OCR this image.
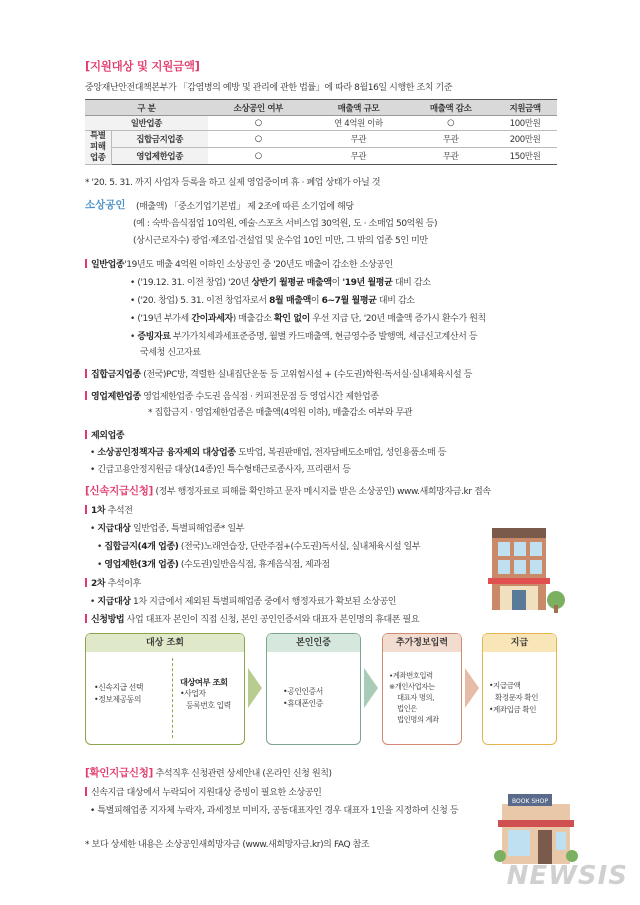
[지원대상 및 지원금액]
중앙재난안전대책본부가 「감염병의 예방 및 관리에 관한 법률」에 따라 8월16일 시행한 조치 기준
구 분		소상공인 여부	매출액 규모	매출액 감소	지원금액
일반업종		○	연 4억원 이하	○	100만원
특별
피해
업종	집합금지업종	○	무관	무관	200만원
	영업제한업종	○	무관	무관	150만원
* '20. 5. 31. 까지 사업자 등록을 하고 실제 영업중이며 휴 · 폐업 상태가 아닐 것
소상공인 (매출액) 「중소기업기본법」 제 2조에 따른 소기업에 해당
(예 : 숙박·음식점업 10억원, 예술·스포츠 서비스업 30억원, 도 · 소매업 50억원 등)
(상시근로자수) 광업·제조업·건설업 및 운수업 10인 미만, 그 밖의 업종 5인 미만
일반업종'19년도 매출 4억원 이하인 소상공인 중 '20년도 매출이 감소한 소상공인
• ('19.12. 31. 이전 창업) '20년 상반기 월평균 매출액이 '19년 월평균 대비 감소
• ('20. 창업) 5. 31. 이전 창업자로서 8월 매출액이 6~7월 월평균 대비 감소
• ('19년 부가세 간이과세자) 매출감소 확인 없이 우선 지급 단, '20년 매출액 증가시 환수가 원칙
• 증빙자료 부가가치세과세표준증명, 월별 카드매출액, 현금영수증 발행액, 세금신고계산서 등
국세청 신고자료
집합금지업종 (전국)PC방, 격렬한 실내집단운동 등 고위험시설 + (수도권)학원·독서실·실내체육시설 등
영업제한업종 영업제한업종 수도권 음식점 · 커피전문점 등 영업시간 제한업종
* 집합금지 · 영업제한업종은 매출액(4억원 이하), 매출감소 여부와 무관
제외업종
• 소상공인정책자금 융자제외 대상업종 도박업, 복권판매업, 전자담배도소매업, 성인용품소매 등
• 긴급고용안정지원금 대상(14종)인 특수형태근로종사자, 프리랜서 등
[신속지급신청] (정부 행정자료로 피해를 확인하고 문자 메시지를 받은 소상공인) www.새희망자금.kr 접속
1차 추석전
• 지급대상 일반업종, 특별피해업종* 일부
• 집합금지(4개 업종) (전국)노래연습장, 단란주점+(수도권)독서실, 실내체육시설 일부
• 영업제한(3개 업종) (수도권)일반음식점, 휴게음식점, 제과점
2차 추석이후
• 지급대상 1차 지급에서 제외된 특별피해업종 중에서 행정자료가 확보된 소상공인
신청방법 사업 대표자 본인이 직접 신청, 본인 공인인증서와 대표자 본인명의 휴대폰 필요
대상 조회
•신속지급 선택
•정보제공동의
대상여부 조회
•사업자
등록번호 입력
본인인증
•공인인증서
•휴대폰인증
추가정보입력
•계좌번호입력
※개인사업자는
대표자 명의,
법인은
법인명의 계좌
지급
•지급금액
확정문자 확인
•계좌입금 확인
[확인지급신청] 추석직후 신청관련 상세안내 (온라인 신청 원칙)
신속지급 대상에서 누락되어 지원대상 증빙이 필요한 소상공인
• 특별피해업종 지자체 누락자, 과세정보 미비자, 공동대표자인 경우 대표자 1인을 지정하여 신청 등
* 보다 상세한 내용은 소상공인새희망자금 (www.새희망자금.kr)의 FAQ 참조
BOOK SHOP
NEWSIS
